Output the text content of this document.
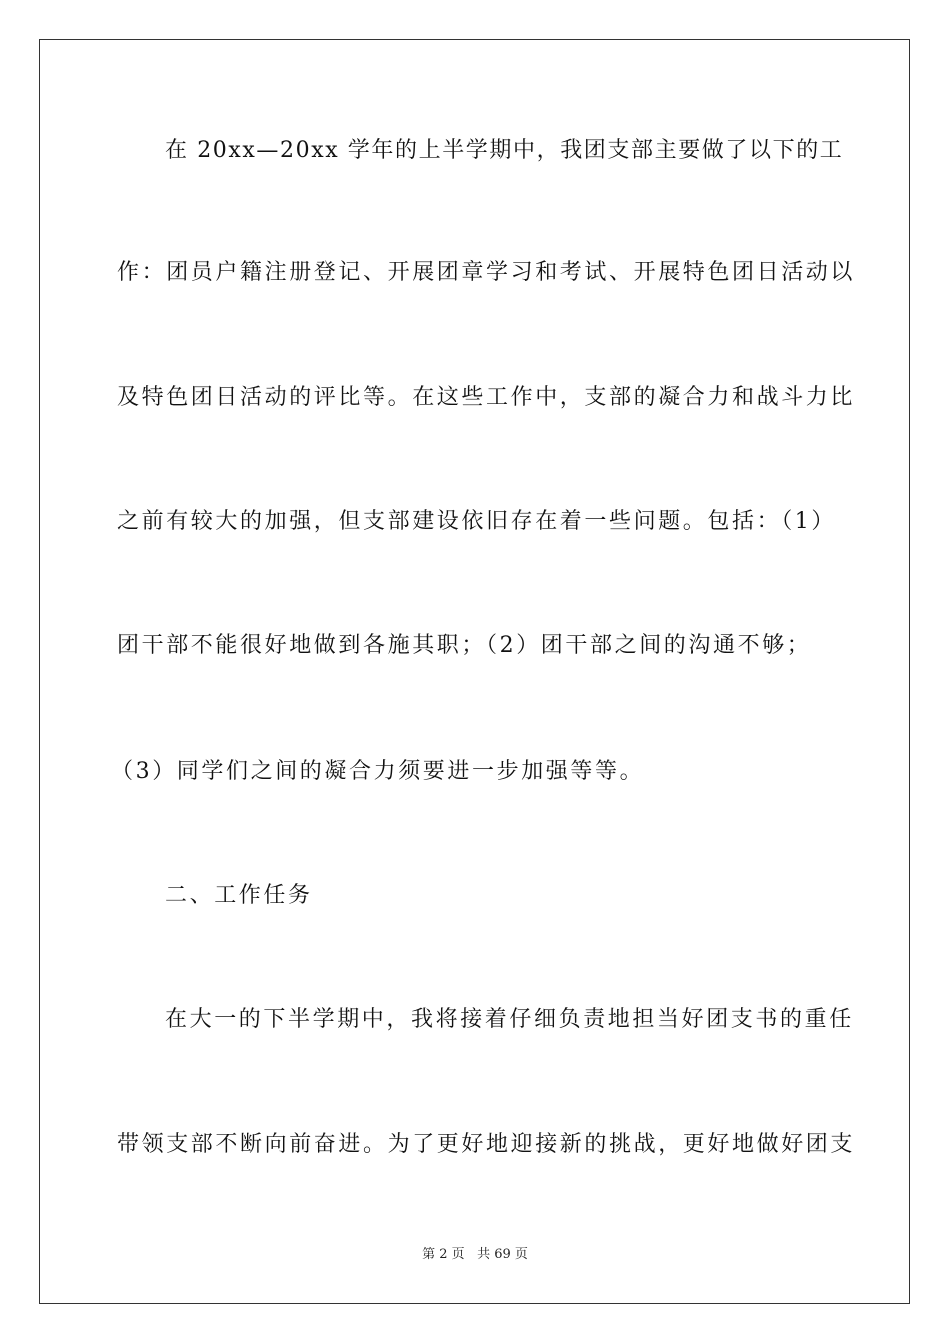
在 20xx—20xx 学年的上半学期中，我团支部主要做了以下的工
作：团员户籍注册登记、开展团章学习和考试、开展特色团日活动以
及特色团日活动的评比等。在这些工作中，支部的凝合力和战斗力比
之前有较大的加强，但支部建设依旧存在着一些问题。包括：（1）
团干部不能很好地做到各施其职；（2）团干部之间的沟通不够；
（3）同学们之间的凝合力须要进一步加强等等。
二、工作任务
在大一的下半学期中，我将接着仔细负责地担当好团支书的重任
带领支部不断向前奋进。为了更好地迎接新的挑战，更好地做好团支
第 2 页 共 69 页
